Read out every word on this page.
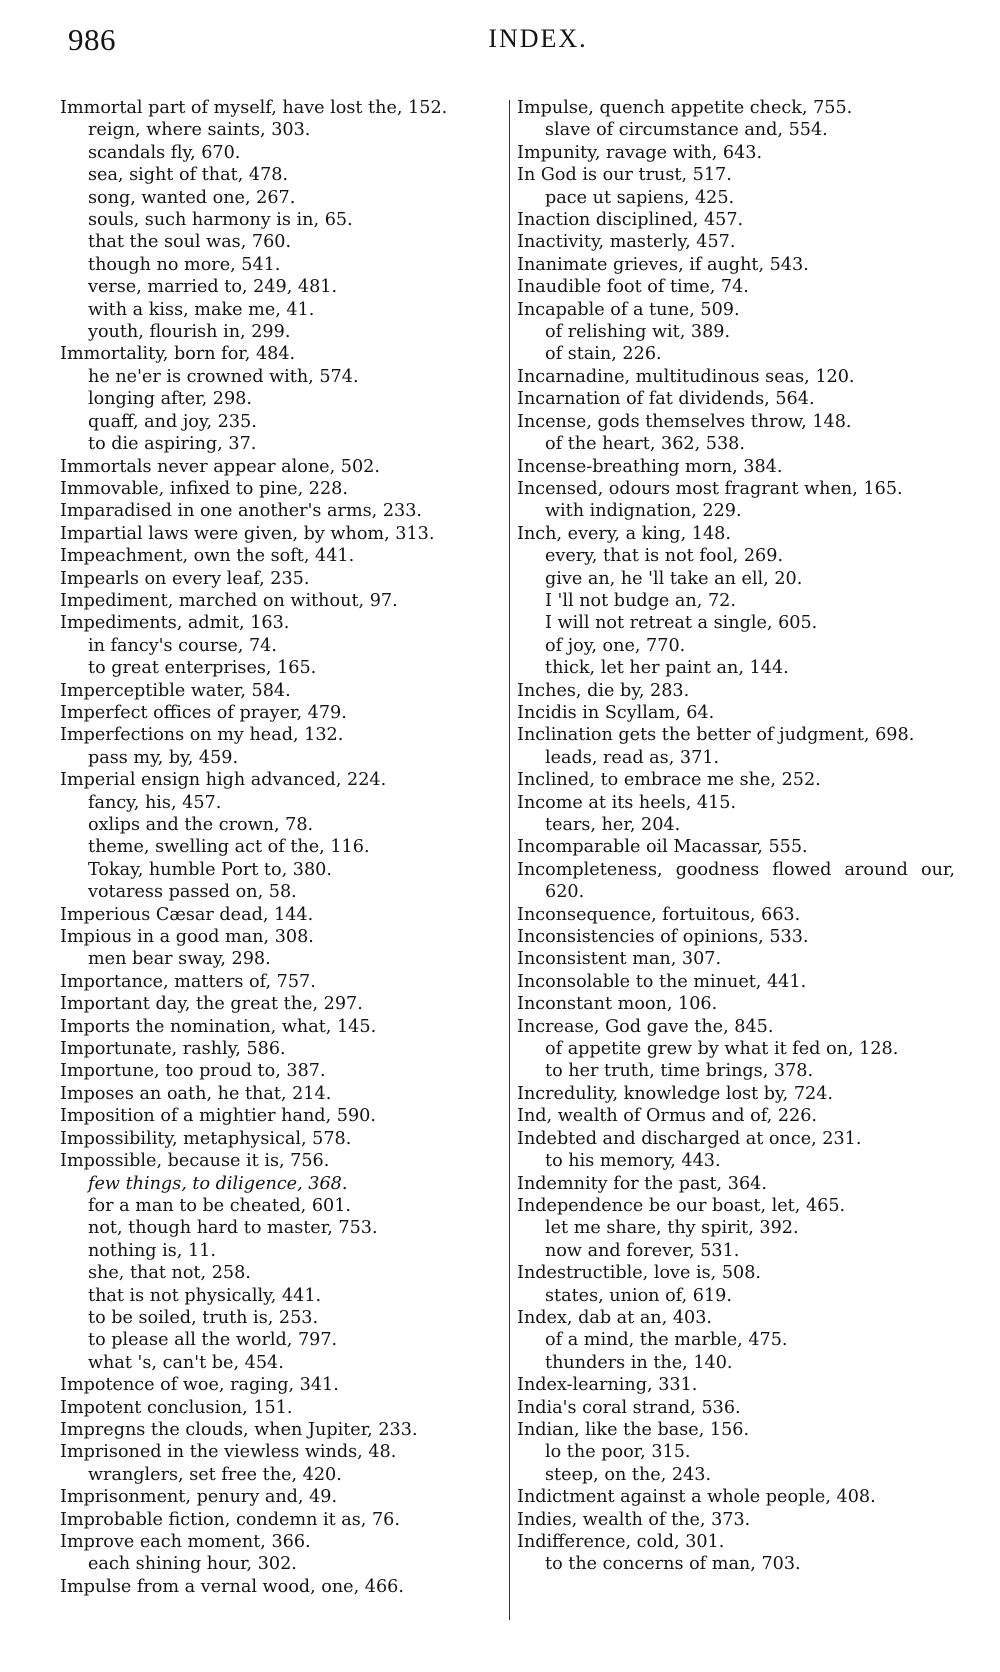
986	INDEX.
Immortal part of myself, have lost the, 152.
reign, where saints, 303.
scandals fly, 670.
sea, sight of that, 478.
song, wanted one, 267.
souls, such harmony is in, 65.
that the soul was, 760.
though no more, 541.
verse, married to, 249, 481.
with a kiss, make me, 41.
youth, flourish in, 299.
Immortality, born for, 484.
he ne'er is crowned with, 574.
longing after, 298.
quaff, and joy, 235.
to die aspiring, 37.
Immortals never appear alone, 502.
Immovable, infixed to pine, 228.
Imparadised in one another's arms, 233.
Impartial laws were given, by whom, 313.
Impeachment, own the soft, 441.
Impearls on every leaf, 235.
Impediment, marched on without, 97.
Impediments, admit, 163.
in fancy's course, 74.
to great enterprises, 165.
Imperceptible water, 584.
Imperfect offices of prayer, 479.
Imperfections on my head, 132.
pass my, by, 459.
Imperial ensign high advanced, 224.
fancy, his, 457.
oxlips and the crown, 78.
theme, swelling act of the, 116.
Tokay, humble Port to, 380.
votaress passed on, 58.
Imperious Cæsar dead, 144.
Impious in a good man, 308.
men bear sway, 298.
Importance, matters of, 757.
Important day, the great the, 297.
Imports the nomination, what, 145.
Importunate, rashly, 586.
Importune, too proud to, 387.
Imposes an oath, he that, 214.
Imposition of a mightier hand, 590.
Impossibility, metaphysical, 578.
Impossible, because it is, 756.
few things, to diligence, 368.
for a man to be cheated, 601.
not, though hard to master, 753.
nothing is, 11.
she, that not, 258.
that is not physically, 441.
to be soiled, truth is, 253.
to please all the world, 797.
what 's, can't be, 454.
Impotence of woe, raging, 341.
Impotent conclusion, 151.
Impregns the clouds, when Jupiter, 233.
Imprisoned in the viewless winds, 48.
wranglers, set free the, 420.
Imprisonment, penury and, 49.
Improbable fiction, condemn it as, 76.
Improve each moment, 366.
each shining hour, 302.
Impulse from a vernal wood, one, 466.
Impulse, quench appetite check, 755.
slave of circumstance and, 554.
Impunity, ravage with, 643.
In God is our trust, 517.
pace ut sapiens, 425.
Inaction disciplined, 457.
Inactivity, masterly, 457.
Inanimate grieves, if aught, 543.
Inaudible foot of time, 74.
Incapable of a tune, 509.
of relishing wit, 389.
of stain, 226.
Incarnadine, multitudinous seas, 120.
Incarnation of fat dividends, 564.
Incense, gods themselves throw, 148.
of the heart, 362, 538.
Incense-breathing morn, 384.
Incensed, odours most fragrant when, 165.
with indignation, 229.
Inch, every, a king, 148.
every, that is not fool, 269.
give an, he 'll take an ell, 20.
I 'll not budge an, 72.
I will not retreat a single, 605.
of joy, one, 770.
thick, let her paint an, 144.
Inches, die by, 283.
Incidis in Scyllam, 64.
Inclination gets the better of judgment, 698.
leads, read as, 371.
Inclined, to embrace me she, 252.
Income at its heels, 415.
tears, her, 204.
Incomparable oil Macassar, 555.
Incompleteness, goodness flowed around our, 620.
Inconsequence, fortuitous, 663.
Inconsistencies of opinions, 533.
Inconsistent man, 307.
Inconsolable to the minuet, 441.
Inconstant moon, 106.
Increase, God gave the, 845.
of appetite grew by what it fed on, 128.
to her truth, time brings, 378.
Incredulity, knowledge lost by, 724.
Ind, wealth of Ormus and of, 226.
Indebted and discharged at once, 231.
to his memory, 443.
Indemnity for the past, 364.
Independence be our boast, let, 465.
let me share, thy spirit, 392.
now and forever, 531.
Indestructible, love is, 508.
states, union of, 619.
Index, dab at an, 403.
of a mind, the marble, 475.
thunders in the, 140.
Index-learning, 331.
India's coral strand, 536.
Indian, like the base, 156.
lo the poor, 315.
steep, on the, 243.
Indictment against a whole people, 408.
Indies, wealth of the, 373.
Indifference, cold, 301.
to the concerns of man, 703.
